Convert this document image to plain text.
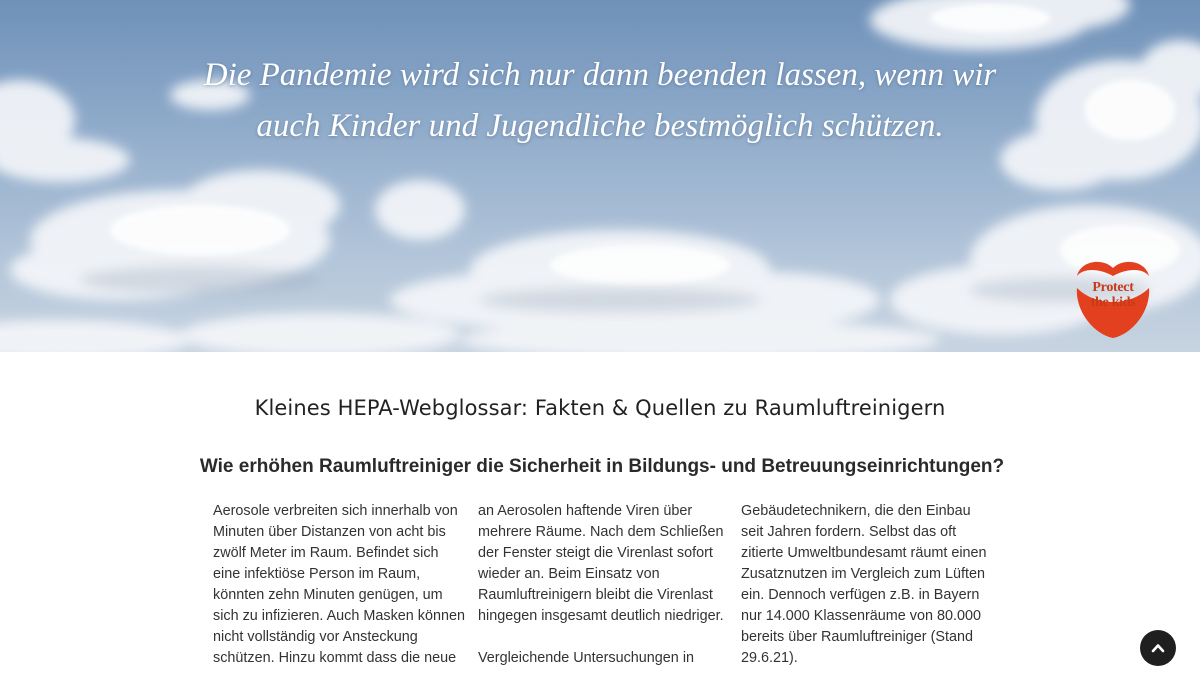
Die Pandemie wird sich nur dann beenden lassen, wenn wir
auch Kinder und Jugendliche bestmöglich schützen.
Protect
the kids
Kleines HEPA-Webglossar: Fakten & Quellen zu Raumluftreinigern
Wie erhöhen Raumluftreiniger die Sicherheit in Bildungs- und Betreuungseinrichtungen?

Aerosole verbreiten sich innerhalb von Minuten über Distanzen von acht bis zwölf Meter im Raum. Befindet sich eine infektiöse Person im Raum, könnten zehn Minuten genügen, um sich zu infizieren. Auch Masken können nicht vollständig vor Ansteckung schützen. Hinzu kommt dass die neue

an Aerosolen haftende Viren über mehrere Räume. Nach dem Schließen der Fenster steigt die Virenlast sofort wieder an. Beim Einsatz von Raumluftreinigern bleibt die Virenlast hingegen insgesamt deutlich niedriger.

Vergleichende Untersuchungen in

Gebäudetechnikern, die den Einbau seit Jahren fordern. Selbst das oft zitierte Umweltbundesamt räumt einen Zusatznutzen im Vergleich zum Lüften ein. Dennoch verfügen z.B. in Bayern nur 14.000 Klassenräume von 80.000 bereits über Raumluftreiniger (Stand 29.6.21).
